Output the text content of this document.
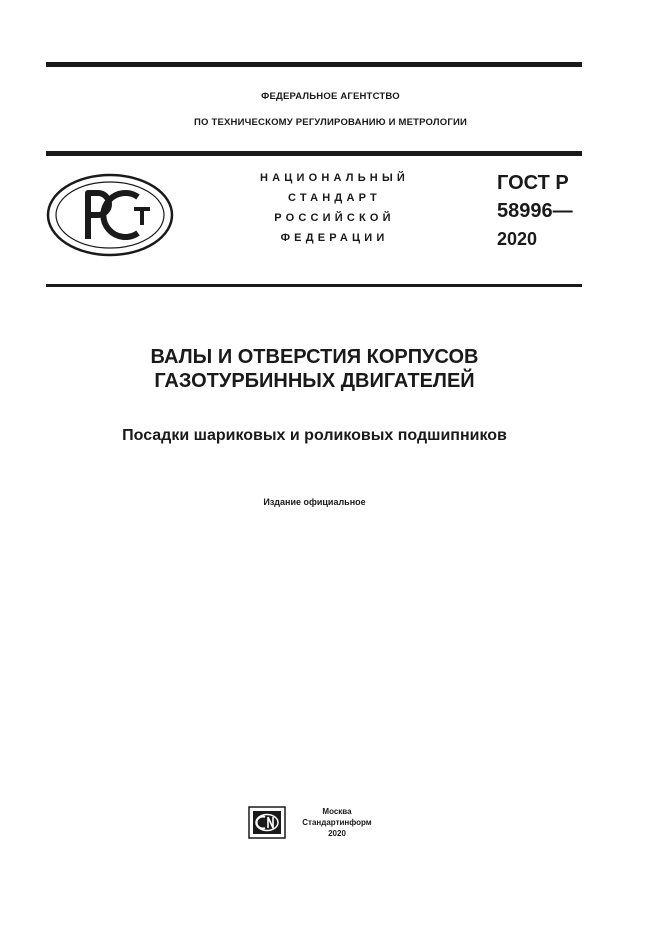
ФЕДЕРАЛЬНОЕ АГЕНТСТВО
ПО ТЕХНИЧЕСКОМУ РЕГУЛИРОВАНИЮ И МЕТРОЛОГИИ
НАЦИОНАЛЬНЫЙ
СТАНДАРТ
РОССИЙСКОЙ
ФЕДЕРАЦИИ
ГОСТ Р
58996—
2020
ВАЛЫ И ОТВЕРСТИЯ КОРПУСОВ
ГАЗОТУРБИННЫХ ДВИГАТЕЛЕЙ
Посадки шариковых и роликовых подшипников
Издание официальное
Москва
Стандартинформ
2020
